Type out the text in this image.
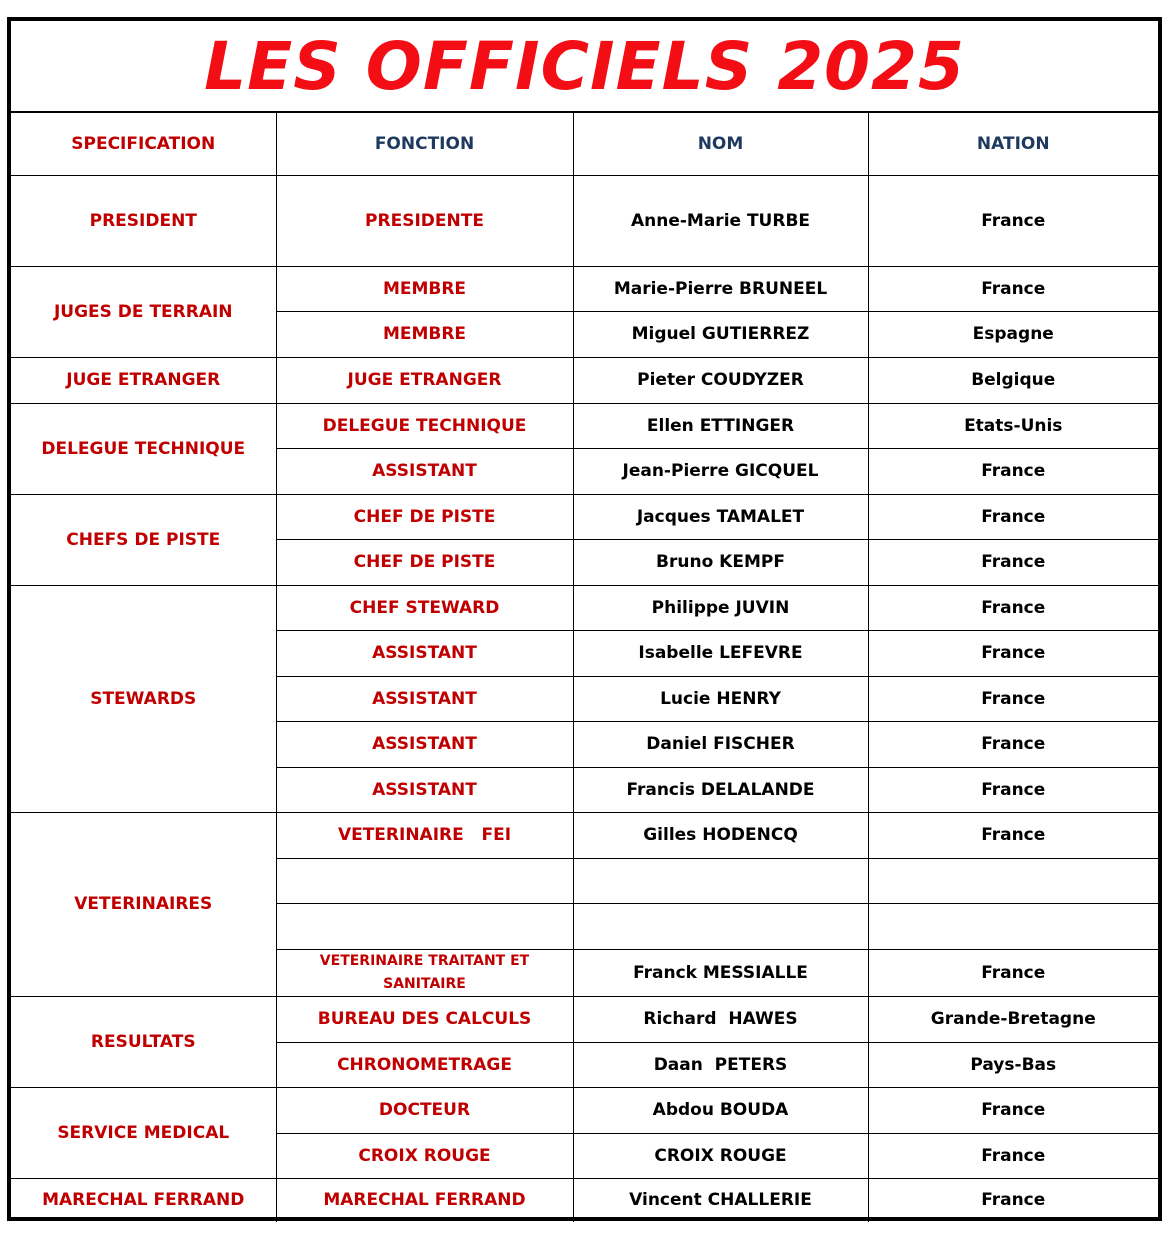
LES OFFICIELS 2025
SPECIFICATION	FONCTION	NOM	NATION
PRESIDENT	PRESIDENTE	Anne-Marie TURBE	France
JUGES DE TERRAIN	MEMBRE	Marie-Pierre BRUNEEL	France
	MEMBRE	Miguel GUTIERREZ	Espagne
JUGE ETRANGER	JUGE ETRANGER	Pieter COUDYZER	Belgique
DELEGUE TECHNIQUE	DELEGUE TECHNIQUE	Ellen ETTINGER	Etats-Unis
	ASSISTANT	Jean-Pierre GICQUEL	France
CHEFS DE PISTE	CHEF DE PISTE	Jacques TAMALET	France
	CHEF DE PISTE	Bruno KEMPF	France
STEWARDS	CHEF STEWARD	Philippe JUVIN	France
	ASSISTANT	Isabelle LEFEVRE	France
	ASSISTANT	Lucie HENRY	France
	ASSISTANT	Daniel FISCHER	France
	ASSISTANT	Francis DELALANDE	France
VETERINAIRES	VETERINAIRE   FEI	Gilles HODENCQ	France

	VETERINAIRE TRAITANT ET SANITAIRE	Franck MESSIALLE	France
RESULTATS	BUREAU DES CALCULS	Richard  HAWES	Grande-Bretagne
	CHRONOMETRAGE	Daan  PETERS	Pays-Bas
SERVICE MEDICAL	DOCTEUR	Abdou BOUDA	France
	CROIX ROUGE	CROIX ROUGE	France
MARECHAL FERRAND	MARECHAL FERRAND	Vincent CHALLERIE	France
